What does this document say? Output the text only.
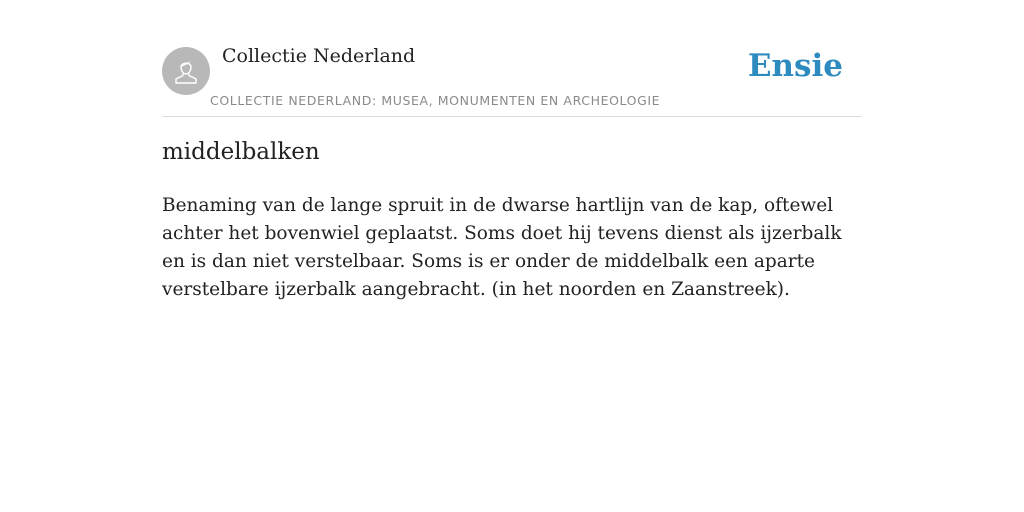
Collectie Nederland
COLLECTIE NEDERLAND: MUSEA, MONUMENTEN EN ARCHEOLOGIE
Ensie
middelbalken

Benaming van de lange spruit in de dwarse hartlijn van de kap, oftewel achter het bovenwiel geplaatst. Soms doet hij tevens dienst als ijzerbalk en is dan niet verstelbaar. Soms is er onder de middelbalk een aparte verstelbare ijzerbalk aangebracht. (in het noorden en Zaanstreek).
